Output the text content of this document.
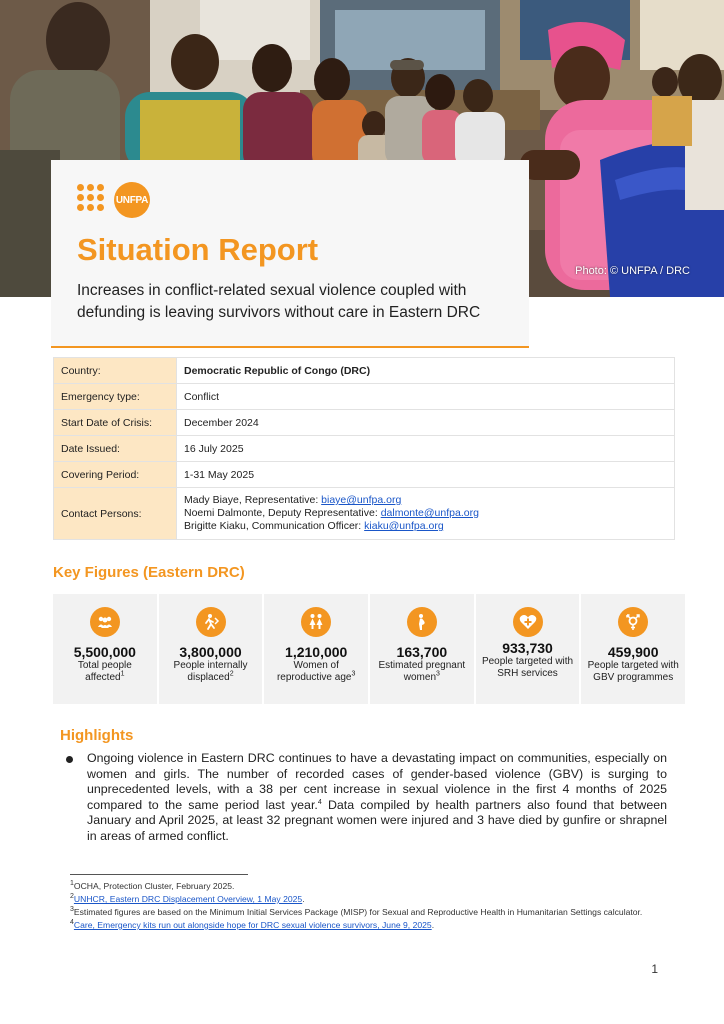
Photo: © UNFPA / DRC
UNFPA
Situation Report
Increases in conflict-related sexual violence coupled with defunding is leaving survivors without care in Eastern DRC
Country:	Democratic Republic of Congo (DRC)
Emergency type:	Conflict
Start Date of Crisis:	December 2024
Date Issued:	16 July 2025
Covering Period:	1-31 May 2025
Contact Persons:	Mady Biaye, Representative: biaye@unfpa.org
Noemi Dalmonte, Deputy Representative: dalmonte@unfpa.org
Brigitte Kiaku, Communication Officer: kiaku@unfpa.org
Key Figures (Eastern DRC)
5,500,000
Total people affected$^1$
3,800,000
People internally displaced$^2$
1,210,000
Women of reproductive age$^3$
163,700
Estimated pregnant women$^3$
933,730
People targeted with SRH services
459,900
People targeted with GBV programmes
Highlights
Ongoing violence in Eastern DRC continues to have a devastating impact on communities, especially on women and girls. The number of recorded cases of gender-based violence (GBV) is surging to unprecedented levels, with a 38 per cent increase in sexual violence in the first 4 months of 2025 compared to the same period last year.$^4$ Data compiled by health partners also found that between January and April 2025, at least 32 pregnant women were injured and 3 have died by gunfire or shrapnel in areas of armed conflict.
$^1$OCHA, Protection Cluster, February 2025.
$^2$UNHCR, Eastern DRC Displacement Overview, 1 May 2025.
$^3$Estimated figures are based on the Minimum Initial Services Package (MISP) for Sexual and Reproductive Health in Humanitarian Settings calculator.
$^4$Care, Emergency kits run out alongside hope for DRC sexual violence survivors, June 9, 2025.
1
